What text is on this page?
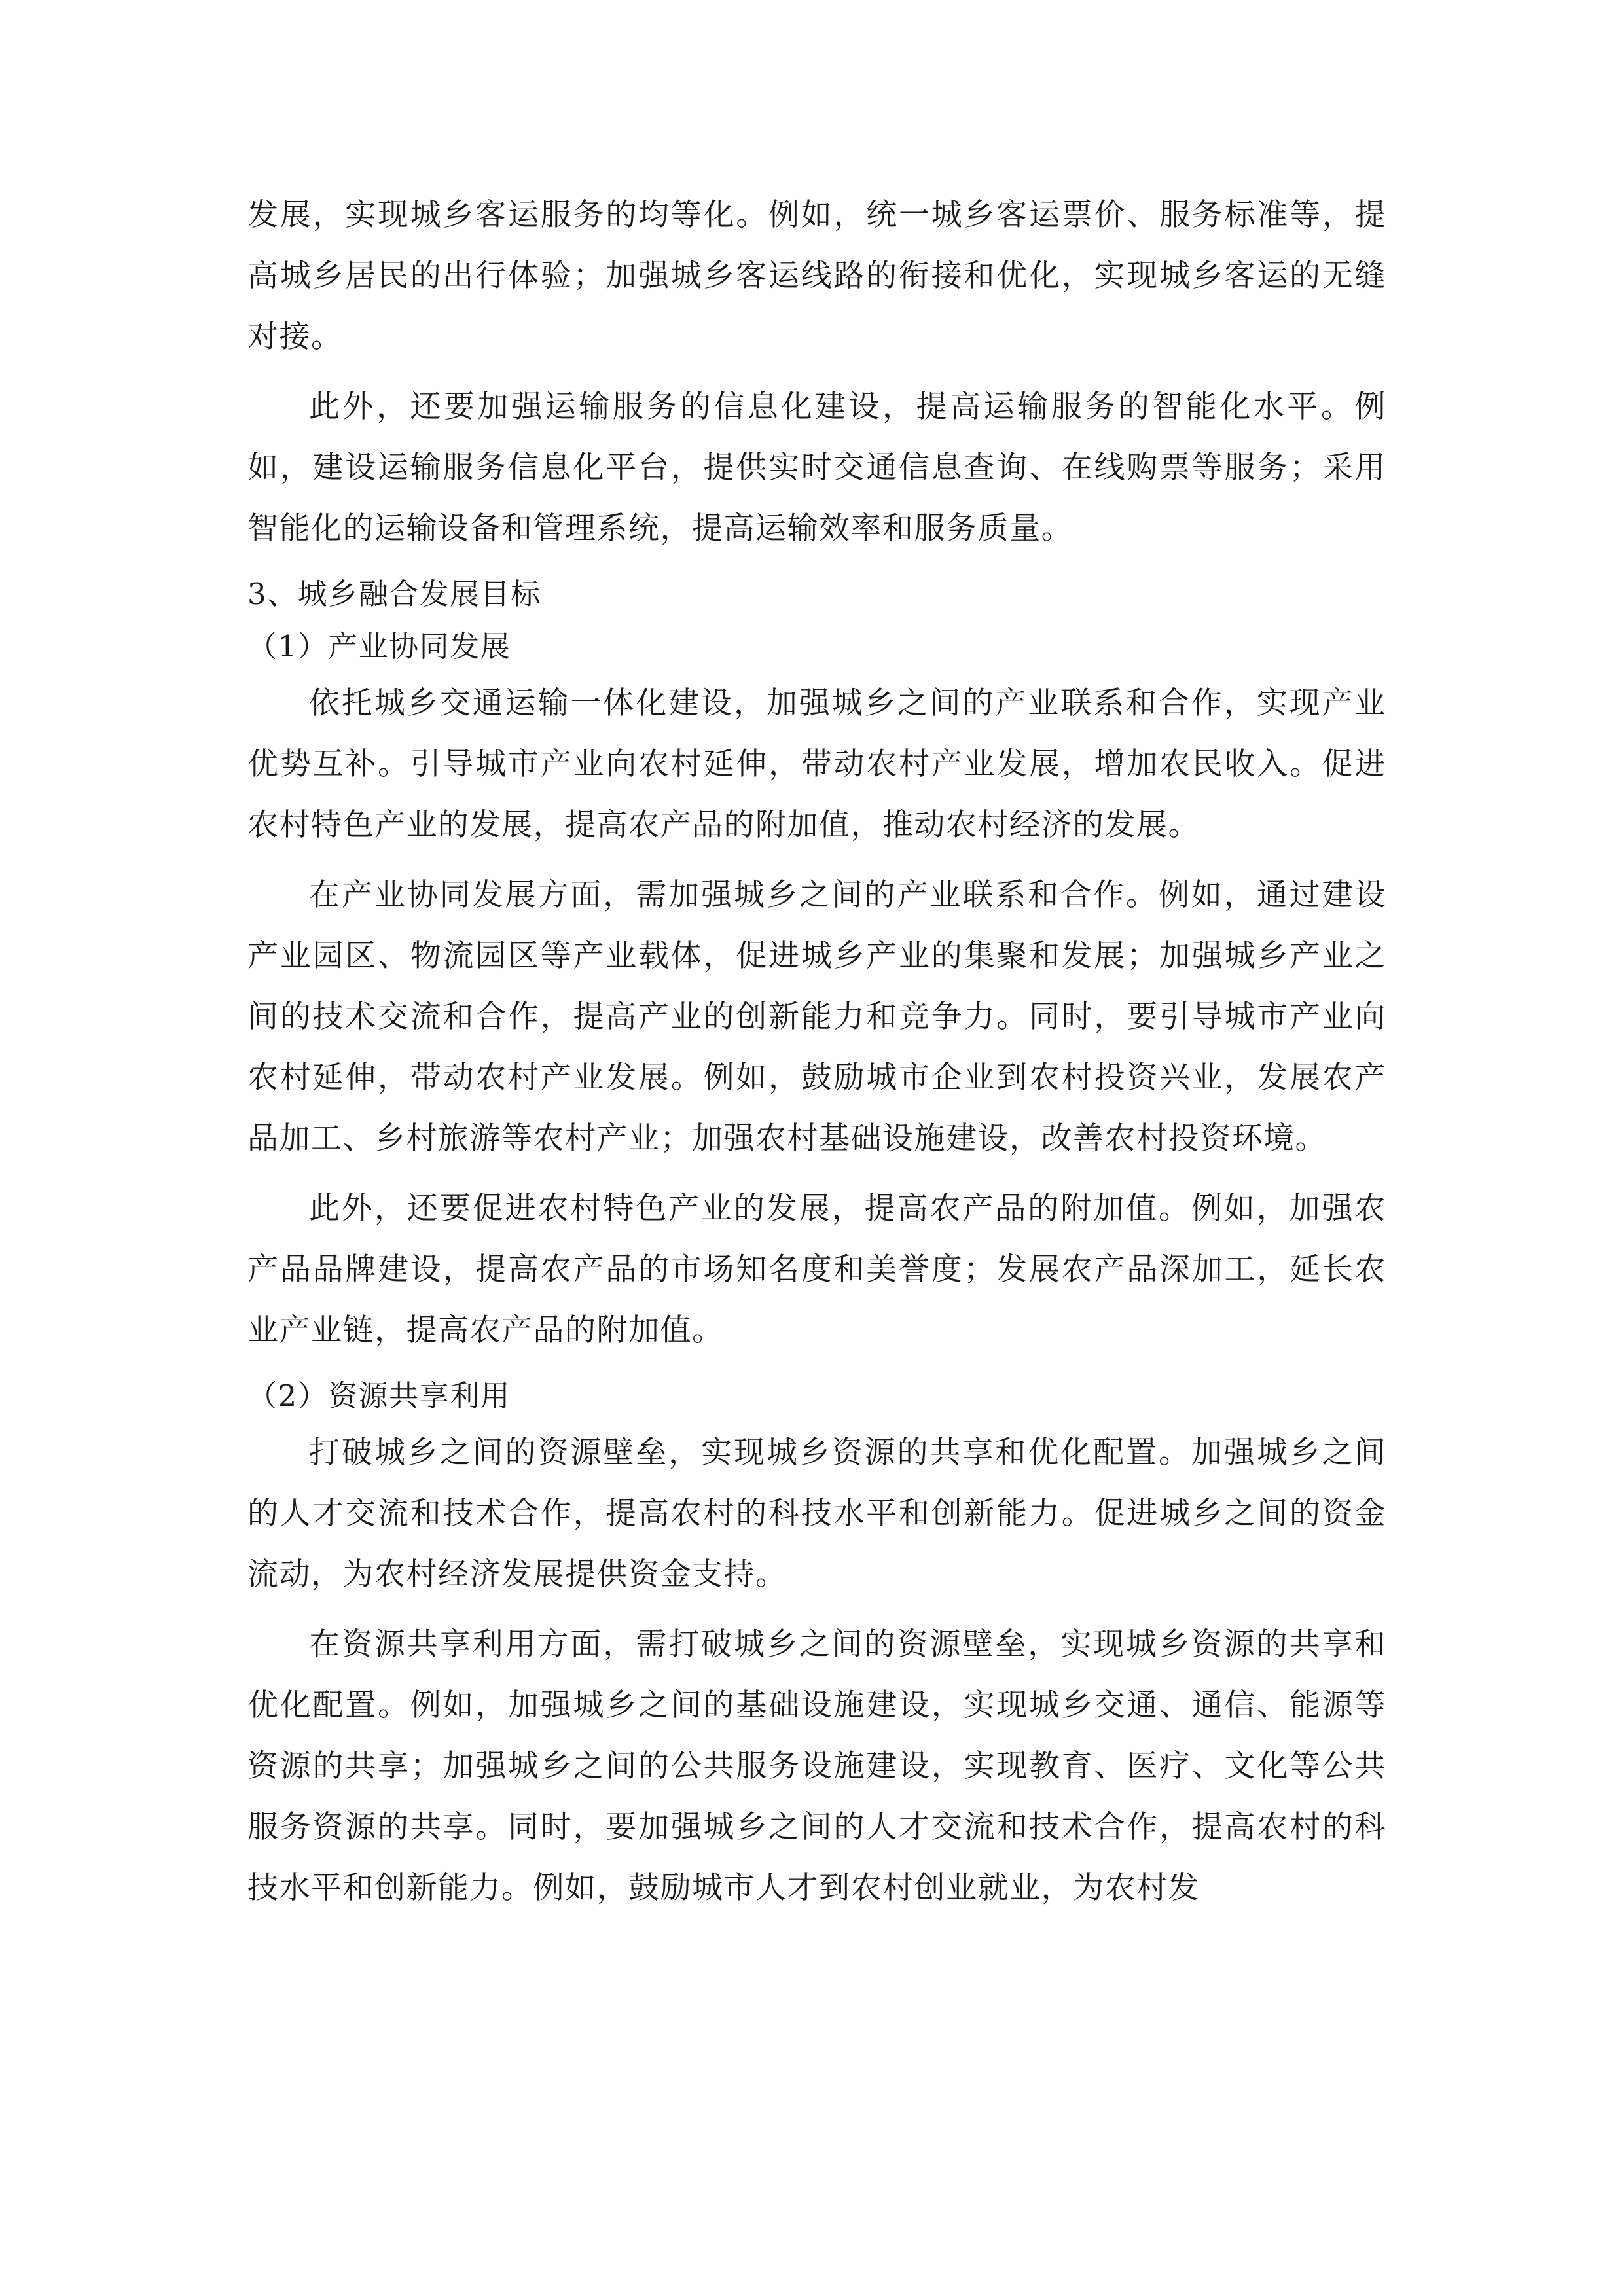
发展，实现城乡客运服务的均等化。例如，统一城乡客运票价、服务标准等，提高城乡居民的出行体验；加强城乡客运线路的衔接和优化，实现城乡客运的无缝对接。

此外，还要加强运输服务的信息化建设，提高运输服务的智能化水平。例如，建设运输服务信息化平台，提供实时交通信息查询、在线购票等服务；采用智能化的运输设备和管理系统，提高运输效率和服务质量。

3、城乡融合发展目标

（1）产业协同发展

依托城乡交通运输一体化建设，加强城乡之间的产业联系和合作，实现产业优势互补。引导城市产业向农村延伸，带动农村产业发展，增加农民收入。促进农村特色产业的发展，提高农产品的附加值，推动农村经济的发展。

在产业协同发展方面，需加强城乡之间的产业联系和合作。例如，通过建设产业园区、物流园区等产业载体，促进城乡产业的集聚和发展；加强城乡产业之间的技术交流和合作，提高产业的创新能力和竞争力。同时，要引导城市产业向农村延伸，带动农村产业发展。例如，鼓励城市企业到农村投资兴业，发展农产品加工、乡村旅游等农村产业；加强农村基础设施建设，改善农村投资环境。

此外，还要促进农村特色产业的发展，提高农产品的附加值。例如，加强农产品品牌建设，提高农产品的市场知名度和美誉度；发展农产品深加工，延长农业产业链，提高农产品的附加值。

（2）资源共享利用

打破城乡之间的资源壁垒，实现城乡资源的共享和优化配置。加强城乡之间的人才交流和技术合作，提高农村的科技水平和创新能力。促进城乡之间的资金流动，为农村经济发展提供资金支持。

在资源共享利用方面，需打破城乡之间的资源壁垒，实现城乡资源的共享和优化配置。例如，加强城乡之间的基础设施建设，实现城乡交通、通信、能源等资源的共享；加强城乡之间的公共服务设施建设，实现教育、医疗、文化等公共服务资源的共享。同时，要加强城乡之间的人才交流和技术合作，提高农村的科技水平和创新能力。例如，鼓励城市人才到农村创业就业，为农村发
